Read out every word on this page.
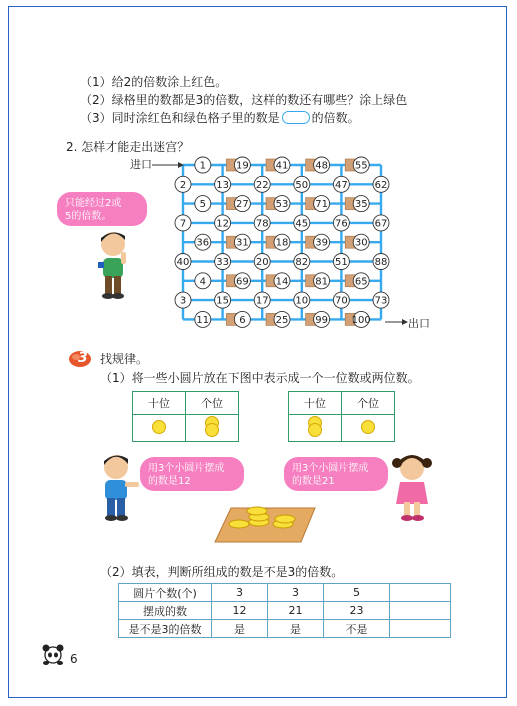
（1）给2的倍数涂上红色。
（2）绿格里的数都是3的倍数，这样的数还有哪些？涂上绿色
（3）同时涂红色和绿色格子里的数是	的倍数。
2. 怎样才能走出迷宫？
进口
出口
1	19	41	48	55
2	13	22	50	47	62
5	27	53	71	35
7	12	78	45	76	67
36	31	18	39	30
40	33	20	82	51	88
4	69	14	81	65
3	15	17	10	70	73
11	6	25	99 100
只能经过2或
5的倍数。
3 找规律。
（1）将一些小圆片放在下图中表示成一个一位数或两位数。
十位	个位
		十位	个位

用3个小圆片摆成
的数是12
用3个小圆片摆成
的数是21
（2）填表，判断所组成的数是不是3的倍数。
圆片个数(个)	3	3	5	
摆成的数	12	21	23	
是不是3的倍数	是	是	不是	
6
